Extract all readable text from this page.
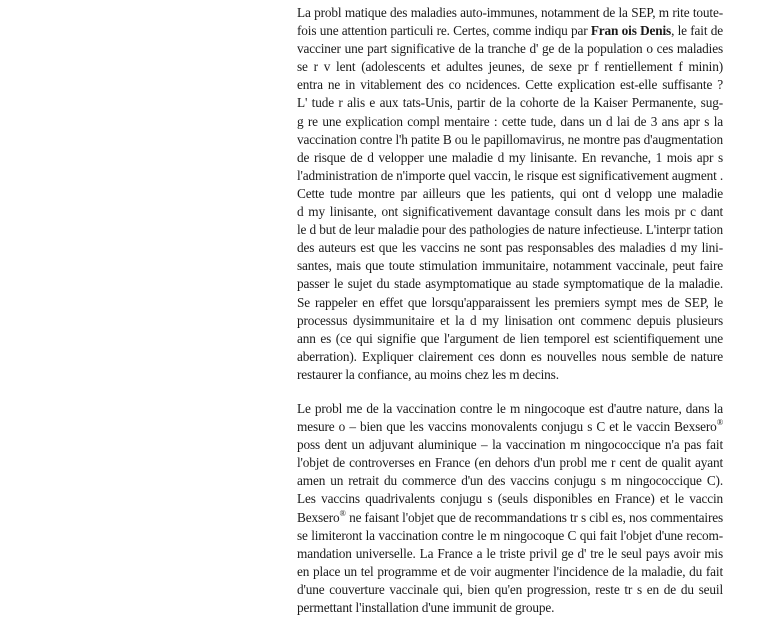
La probl matique des maladies auto-immunes, notamment de la SEP, m rite toute-
fois une attention particuli re. Certes, comme indiqu par Fran ois Denis, le fait de
vacciner une part significative de la tranche d' ge de la population o ces maladies
se r v lent (adolescents et adultes jeunes, de sexe pr f rentiellement f minin)
entra ne in vitablement des co ncidences. Cette explication est-elle suffisante ?
L' tude r alis e aux tats-Unis, partir de la cohorte de la Kaiser Permanente, sug-
g re une explication compl mentaire : cette tude, dans un d lai de 3 ans apr s la
vaccination contre l'h patite B ou le papillomavirus, ne montre pas d'augmentation
de risque de d velopper une maladie d my linisante. En revanche, 1 mois apr s
l'administration de n'importe quel vaccin, le risque est significativement augment .
Cette tude montre par ailleurs que les patients, qui ont d velopp une maladie
d my linisante, ont significativement davantage consult dans les mois pr c dant
le d but de leur maladie pour des pathologies de nature infectieuse. L'interpr tation
des auteurs est que les vaccins ne sont pas responsables des maladies d my lini-
santes, mais que toute stimulation immunitaire, notamment vaccinale, peut faire
passer le sujet du stade asymptomatique au stade symptomatique de la maladie.
Se rappeler en effet que lorsqu'apparaissent les premiers sympt mes de SEP, le
processus dysimmunitaire et la d my linisation ont commenc depuis plusieurs
ann es (ce qui signifie que l'argument de lien temporel est scientifiquement une
aberration). Expliquer clairement ces donn es nouvelles nous semble de nature
restaurer la confiance, au moins chez les m decins.
Le probl me de la vaccination contre le m ningocoque est d'autre nature, dans la
mesure o – bien que les vaccins monovalents conjugu s C et le vaccin Bexsero®
poss dent un adjuvant aluminique – la vaccination m ningococcique n'a pas fait
l'objet de controverses en France (en dehors d'un probl me r cent de qualit ayant
amen un retrait du commerce d'un des vaccins conjugu s m ningococcique C).
Les vaccins quadrivalents conjugu s (seuls disponibles en France) et le vaccin
Bexsero® ne faisant l'objet que de recommandations tr s cibl es, nos commentaires
se limiteront la vaccination contre le m ningocoque C qui fait l'objet d'une recom-
mandation universelle. La France a le triste privil ge d' tre le seul pays avoir mis
en place un tel programme et de voir augmenter l'incidence de la maladie, du fait
d'une couverture vaccinale qui, bien qu'en progression, reste tr s en de du seuil
permettant l'installation d'une immunit de groupe.
